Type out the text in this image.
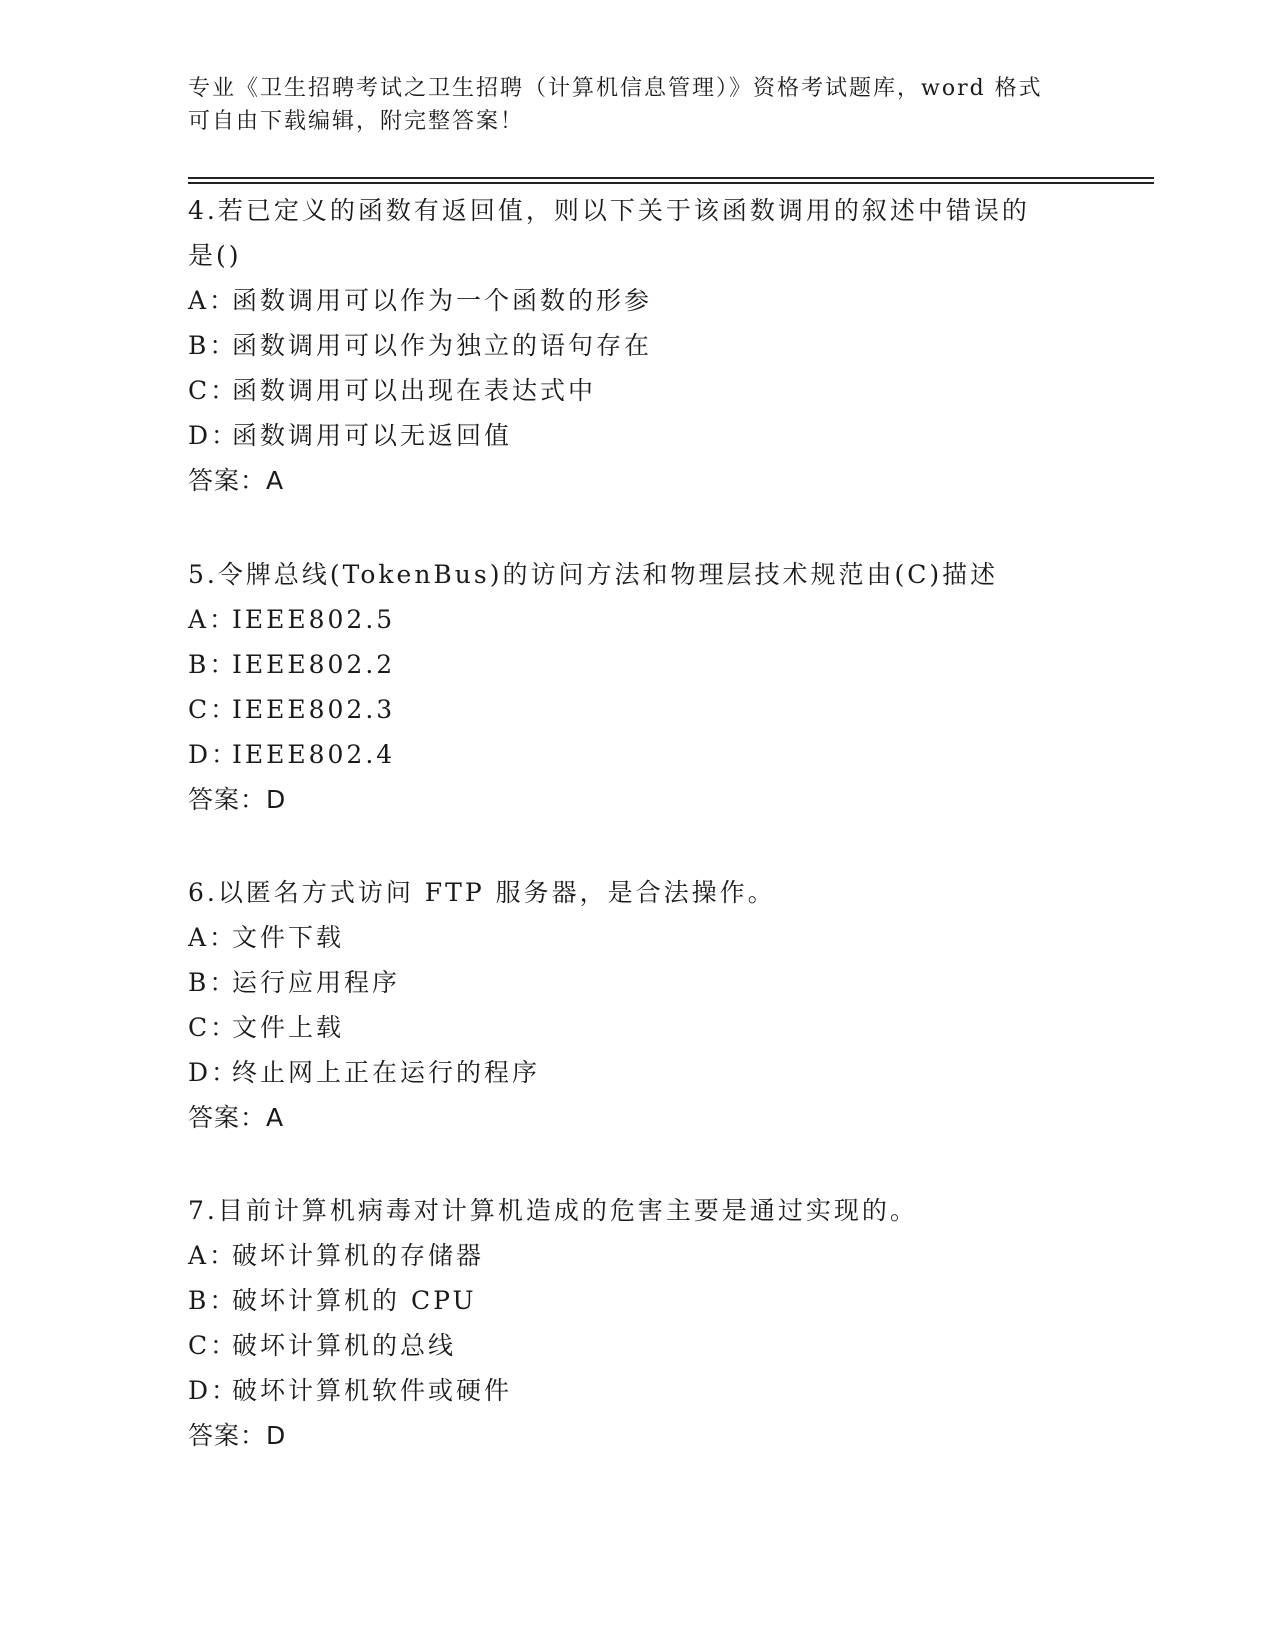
专业《卫生招聘考试之卫生招聘（计算机信息管理）》资格考试题库，word 格式
可自由下载编辑，附完整答案！
4.若已定义的函数有返回值，则以下关于该函数调用的叙述中错误的
是()
A：函数调用可以作为一个函数的形参
B：函数调用可以作为独立的语句存在
C：函数调用可以出现在表达式中
D：函数调用可以无返回值
答案：A
5.令牌总线(TokenBus)的访问方法和物理层技术规范由(C)描述
A：IEEE802.5
B：IEEE802.2
C：IEEE802.3
D：IEEE802.4
答案：D
6.以匿名方式访问 FTP 服务器，是合法操作。
A：文件下载
B：运行应用程序
C：文件上载
D：终止网上正在运行的程序
答案：A
7.目前计算机病毒对计算机造成的危害主要是通过实现的。
A：破坏计算机的存储器
B：破坏计算机的 CPU
C：破坏计算机的总线
D：破坏计算机软件或硬件
答案：D
